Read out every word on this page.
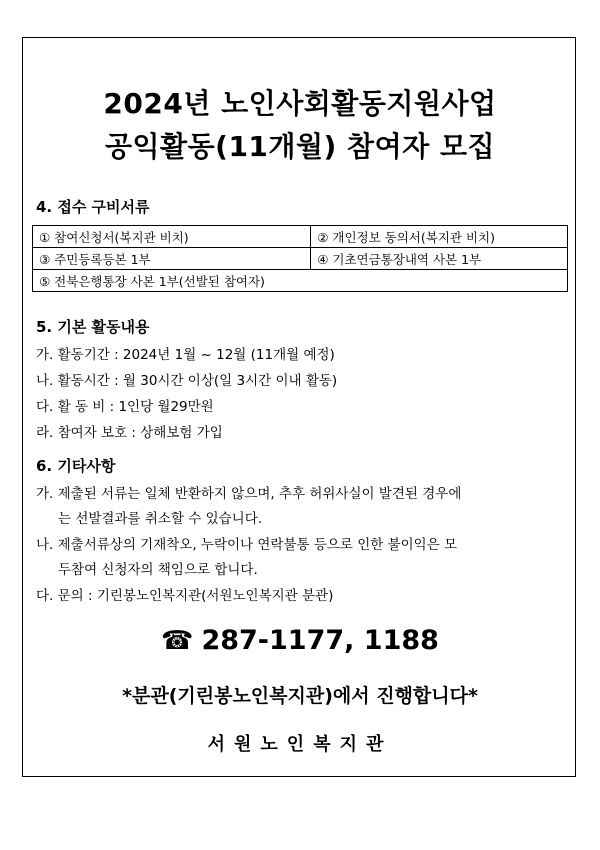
2024년 노인사회활동지원사업
공익활동(11개월) 참여자 모집
4. 접수 구비서류
① 참여신청서(복지관 비치)	② 개인정보 동의서(복지관 비치)
③ 주민등록등본 1부	④ 기초연금통장내역 사본 1부
⑤ 전북은행통장 사본 1부(선발된 참여자)	
5. 기본 활동내용
가. 활동기간 : 2024년 1월 ~ 12월 (11개월 예정)
나. 활동시간 : 월 30시간 이상(일 3시간 이내 활동)
다. 활 동 비 : 1인당 월29만원
라. 참여자 보호 : 상해보험 가입
6. 기타사항
가. 제출된 서류는 일체 반환하지 않으며, 추후 허위사실이 발견된 경우에
는 선발결과를 취소할 수 있습니다.
나. 제출서류상의 기재착오, 누락이나 연락불통 등으로 인한 불이익은 모
두참여 신청자의 책임으로 합니다.
다. 문의 : 기린봉노인복지관(서원노인복지관 분관)
☎ 287-1177, 1188
*분관(기린봉노인복지관)에서 진행합니다*
서원노인복지관
